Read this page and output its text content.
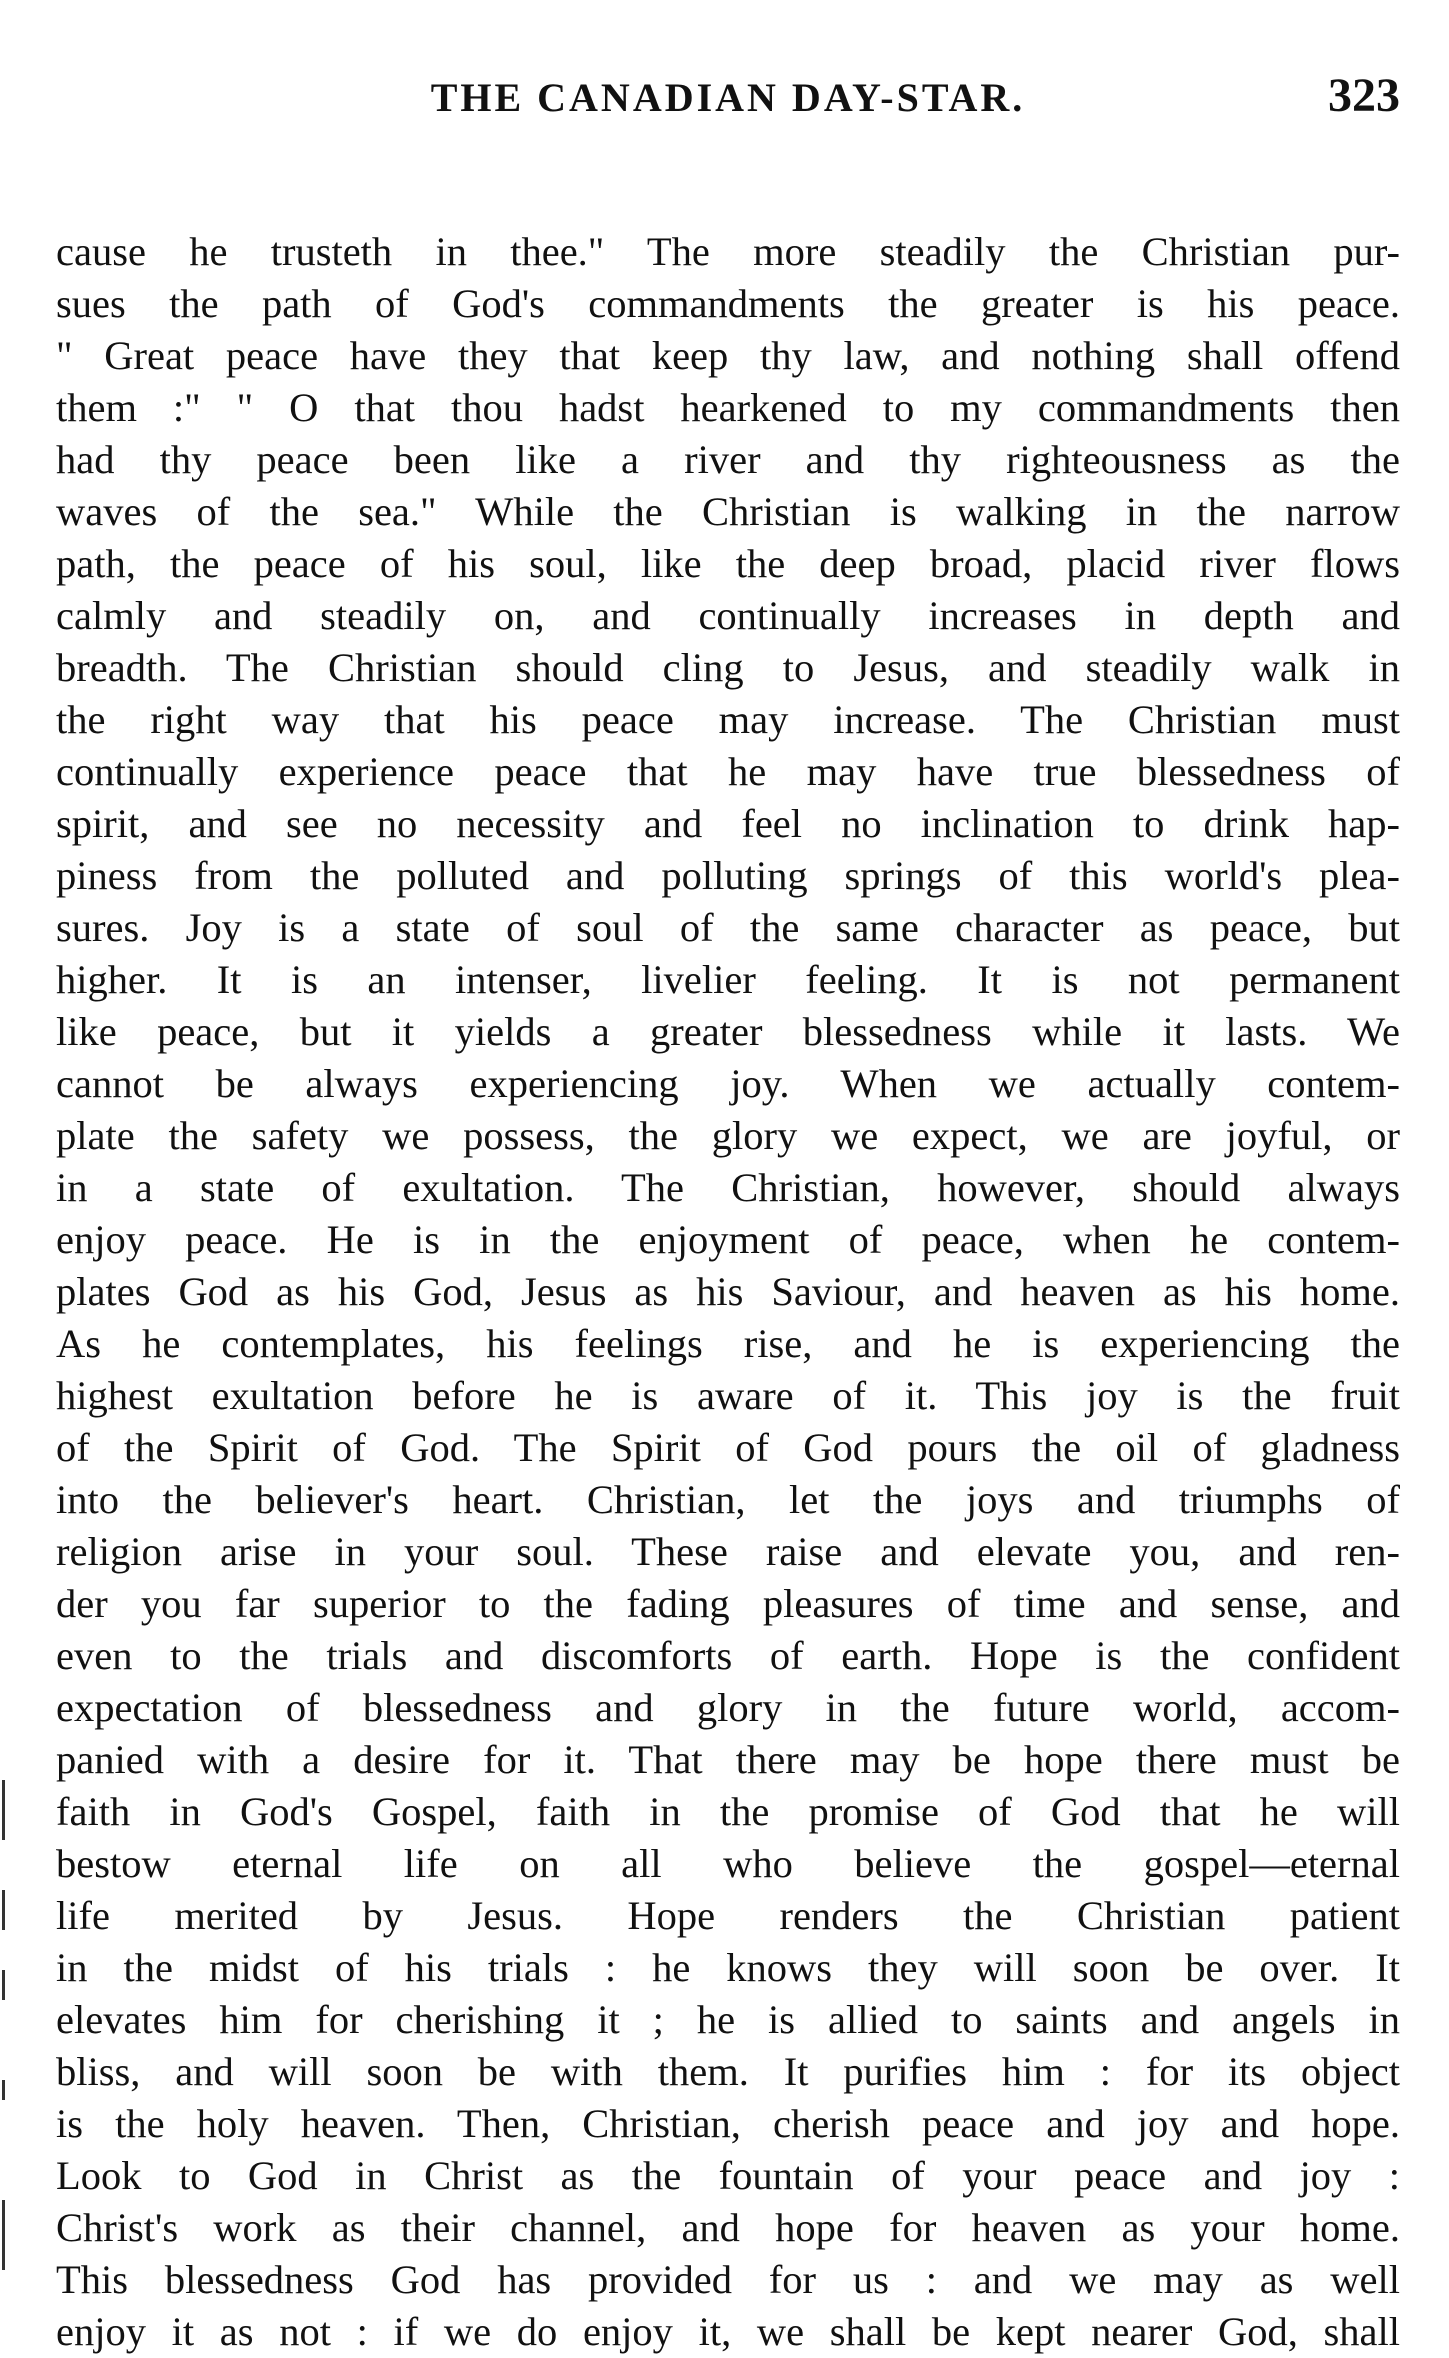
THE CANADIAN DAY-STAR.	323
cause he trusteth in thee." The more steadily the Christian pur-
sues the path of God's commandments the greater is his peace.
" Great peace have they that keep thy law, and nothing shall offend
them :" " O that thou hadst hearkened to my commandments then
had thy peace been like a river and thy righteousness as the
waves of the sea." While the Christian is walking in the narrow
path, the peace of his soul, like the deep broad, placid river flows
calmly and steadily on, and continually increases in depth and
breadth. The Christian should cling to Jesus, and steadily walk in
the right way that his peace may increase. The Christian must
continually experience peace that he may have true blessedness of
spirit, and see no necessity and feel no inclination to drink hap-
piness from the polluted and polluting springs of this world's plea-
sures. Joy is a state of soul of the same character as peace, but
higher. It is an intenser, livelier feeling. It is not permanent
like peace, but it yields a greater blessedness while it lasts. We
cannot be always experiencing joy. When we actually contem-
plate the safety we possess, the glory we expect, we are joyful, or
in a state of exultation. The Christian, however, should always
enjoy peace. He is in the enjoyment of peace, when he contem-
plates God as his God, Jesus as his Saviour, and heaven as his home.
As he contemplates, his feelings rise, and he is experiencing the
highest exultation before he is aware of it. This joy is the fruit
of the Spirit of God. The Spirit of God pours the oil of gladness
into the believer's heart. Christian, let the joys and triumphs of
religion arise in your soul. These raise and elevate you, and ren-
der you far superior to the fading pleasures of time and sense, and
even to the trials and discomforts of earth. Hope is the confident
expectation of blessedness and glory in the future world, accom-
panied with a desire for it. That there may be hope there must be
faith in God's Gospel, faith in the promise of God that he will
bestow eternal life on all who believe the gospel—eternal
life merited by Jesus. Hope renders the Christian patient
in the midst of his trials : he knows they will soon be over. It
elevates him for cherishing it ; he is allied to saints and angels in
bliss, and will soon be with them. It purifies him : for its object
is the holy heaven. Then, Christian, cherish peace and joy and hope.
Look to God in Christ as the fountain of your peace and joy :
Christ's work as their channel, and hope for heaven as your home.
This blessedness God has provided for us : and we may as well
enjoy it as not : if we do enjoy it, we shall be kept nearer God, shall
